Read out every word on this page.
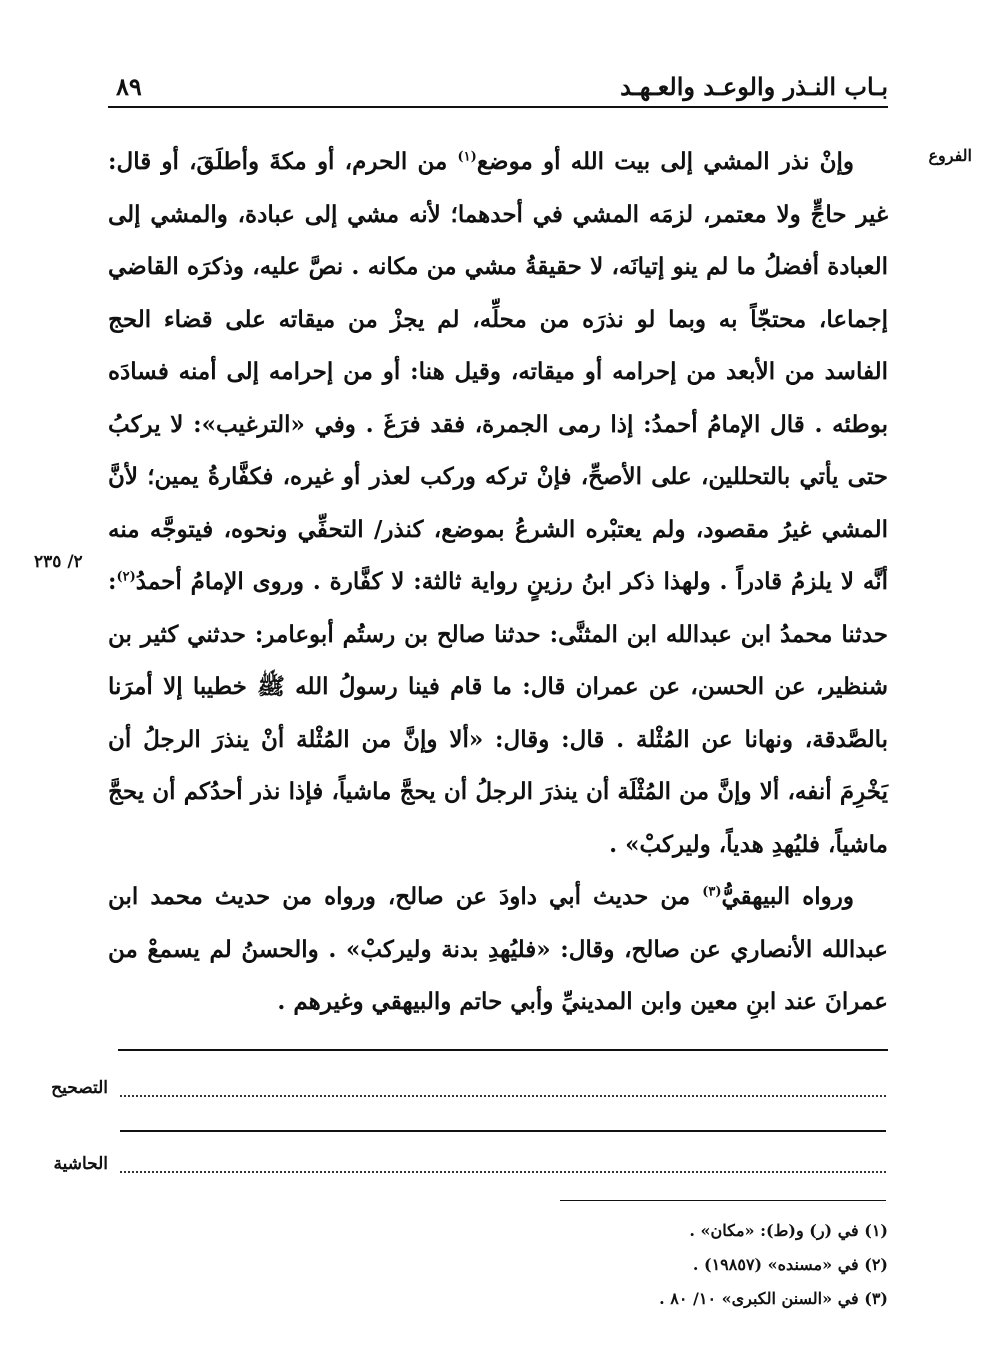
بـاب النـذر والوعـد والعـهـد
٨٩
الفروع
٢/ ٢٣٥

وإنْ نذر المشي إلى بيت الله أو موضع$^{(١)}$ من الحرم، أو مكةَ وأطلَقَ، أو قال: غير حاجٍّ ولا معتمر، لزمَه المشي في أحدهما؛ لأنه مشي إلى عبادة، والمشي إلى العبادة أفضلُ ما لم ينو إتيانَه، لا حقيقةُ مشي من مكانه . نصَّ عليه، وذكرَه القاضي إجماعا، محتجّاً به وبما لو نذرَه من محلِّه، لم يجزْ من ميقاته على قضاء الحج الفاسد من الأبعد من إحرامه أو ميقاته، وقيل هنا: أو من إحرامه إلى أمنه فسادَه بوطئه . قال الإمامُ أحمدُ: إذا رمى الجمرة، فقد فرَغَ . وفي «الترغيب»: لا يركبُ حتى يأتي بالتحللين، على الأصحِّ، فإنْ تركه وركب لعذر أو غيره، فكفَّارةُ يمين؛ لأنَّ المشي غيرُ مقصود، ولم يعتبْره الشرعُ بموضع، كنذر/ التحفِّي ونحوه، فيتوجَّه منه أنَّه لا يلزمُ قادراً . ولهذا ذكر ابنُ رزينٍ رواية ثالثة: لا كفَّارة . وروى الإمامُ أحمدُ$^{(٢)}$: حدثنا محمدُ ابن عبدالله ابن المثنَّى: حدثنا صالح بن رستُم أبوعامر: حدثني كثير بن شنظير، عن الحسن، عن عمران قال: ما قام فينا رسولُ الله ﷺ خطيبا إلا أمرَنا بالصَّدقة، ونهانا عن المُثْلة . قال: وقال: «ألا وإنَّ من المُثْلة أنْ ينذرَ الرجلُ أن يَخْرِمَ أنفه، ألا وإنَّ من المُثْلَة أن ينذرَ الرجلُ أن يحجَّ ماشياً، فإذا نذر أحدُكم أن يحجَّ ماشياً، فليُهدِ هدياً، وليركبْ» .

ورواه البيهقيُّ$^{(٣)}$ من حديث أبي داودَ عن صالح، ورواه من حديث محمد ابن عبدالله الأنصاري عن صالح، وقال: «فليُهدِ بدنة وليركبْ» . والحسنُ لم يسمعْ من عمرانَ عند ابنِ معين وابن المدينيِّ وأبي حاتم والبيهقي وغيرهم .

التصحيح
الحاشية
(١) في (ر) و(ط): «مكان» .
(٢) في «مسنده» (١٩٨٥٧) .
(٣) في «السنن الكبرى» ١٠/ ٨٠ .
